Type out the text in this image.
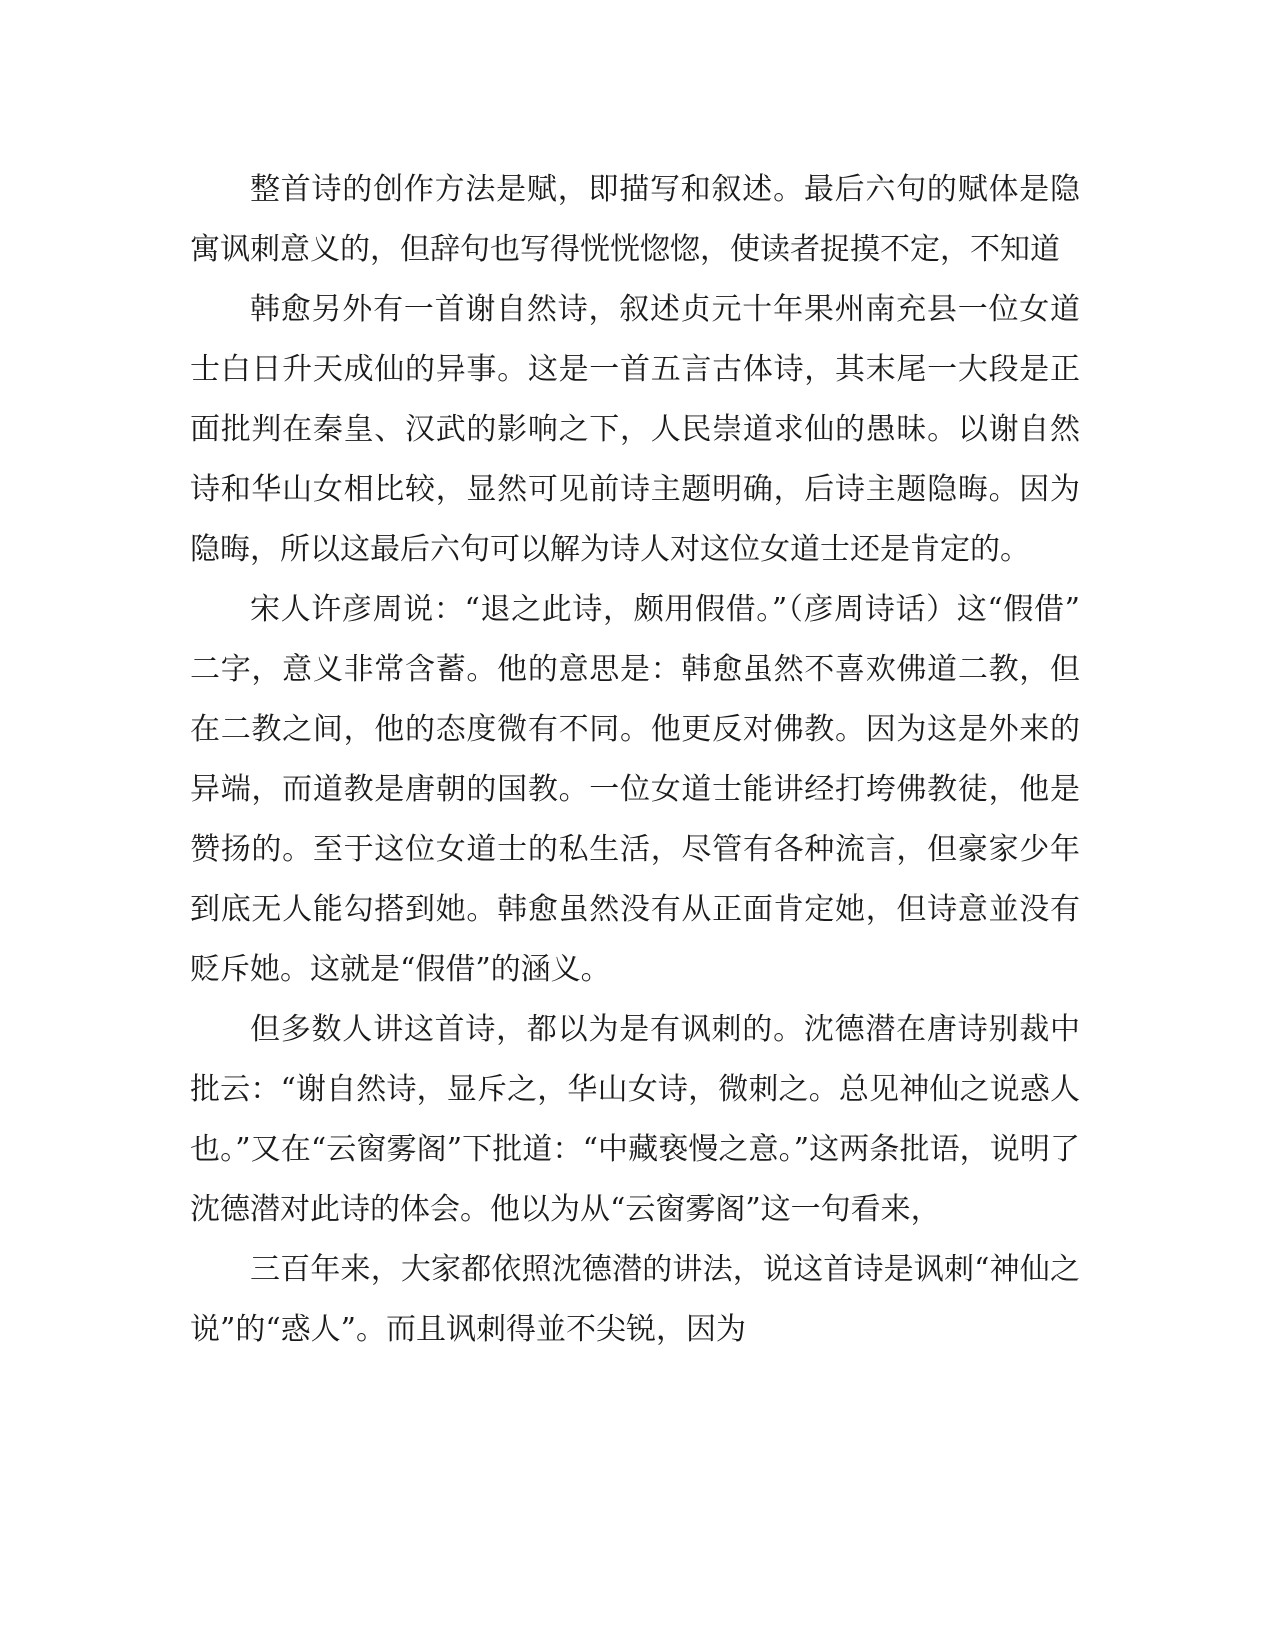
整首诗的创作方法是赋，即描写和叙述。最后六句的赋体是隐寓讽刺意义的，但辞句也写得恍恍惚惚，使读者捉摸不定，不知道

韩愈另外有一首谢自然诗，叙述贞元十年果州南充县一位女道士白日升天成仙的异事。这是一首五言古体诗，其末尾一大段是正面批判在秦皇、汉武的影响之下，人民崇道求仙的愚昧。以谢自然诗和华山女相比较，显然可见前诗主题明确，后诗主题隐晦。因为隐晦，所以这最后六句可以解为诗人对这位女道士还是肯定的。

宋人许彦周说：“退之此诗，颇用假借。”（彦周诗话）这“假借”二字，意义非常含蓄。他的意思是：韩愈虽然不喜欢佛道二教，但在二教之间，他的态度微有不同。他更反对佛教。因为这是外来的异端，而道教是唐朝的国教。一位女道士能讲经打垮佛教徒，他是赞扬的。至于这位女道士的私生活，尽管有各种流言，但豪家少年到底无人能勾搭到她。韩愈虽然没有从正面肯定她，但诗意並没有贬斥她。这就是“假借”的涵义。

但多数人讲这首诗，都以为是有讽刺的。沈德潜在唐诗别裁中批云：“谢自然诗，显斥之，华山女诗，微刺之。总见神仙之说惑人也。”又在“云窗雾阁”下批道：“中藏亵慢之意。”这两条批语，说明了沈德潜对此诗的体会。他以为从“云窗雾阁”这一句看来，

三百年来，大家都依照沈德潜的讲法，说这首诗是讽刺“神仙之说”的“惑人”。而且讽刺得並不尖锐，因为
